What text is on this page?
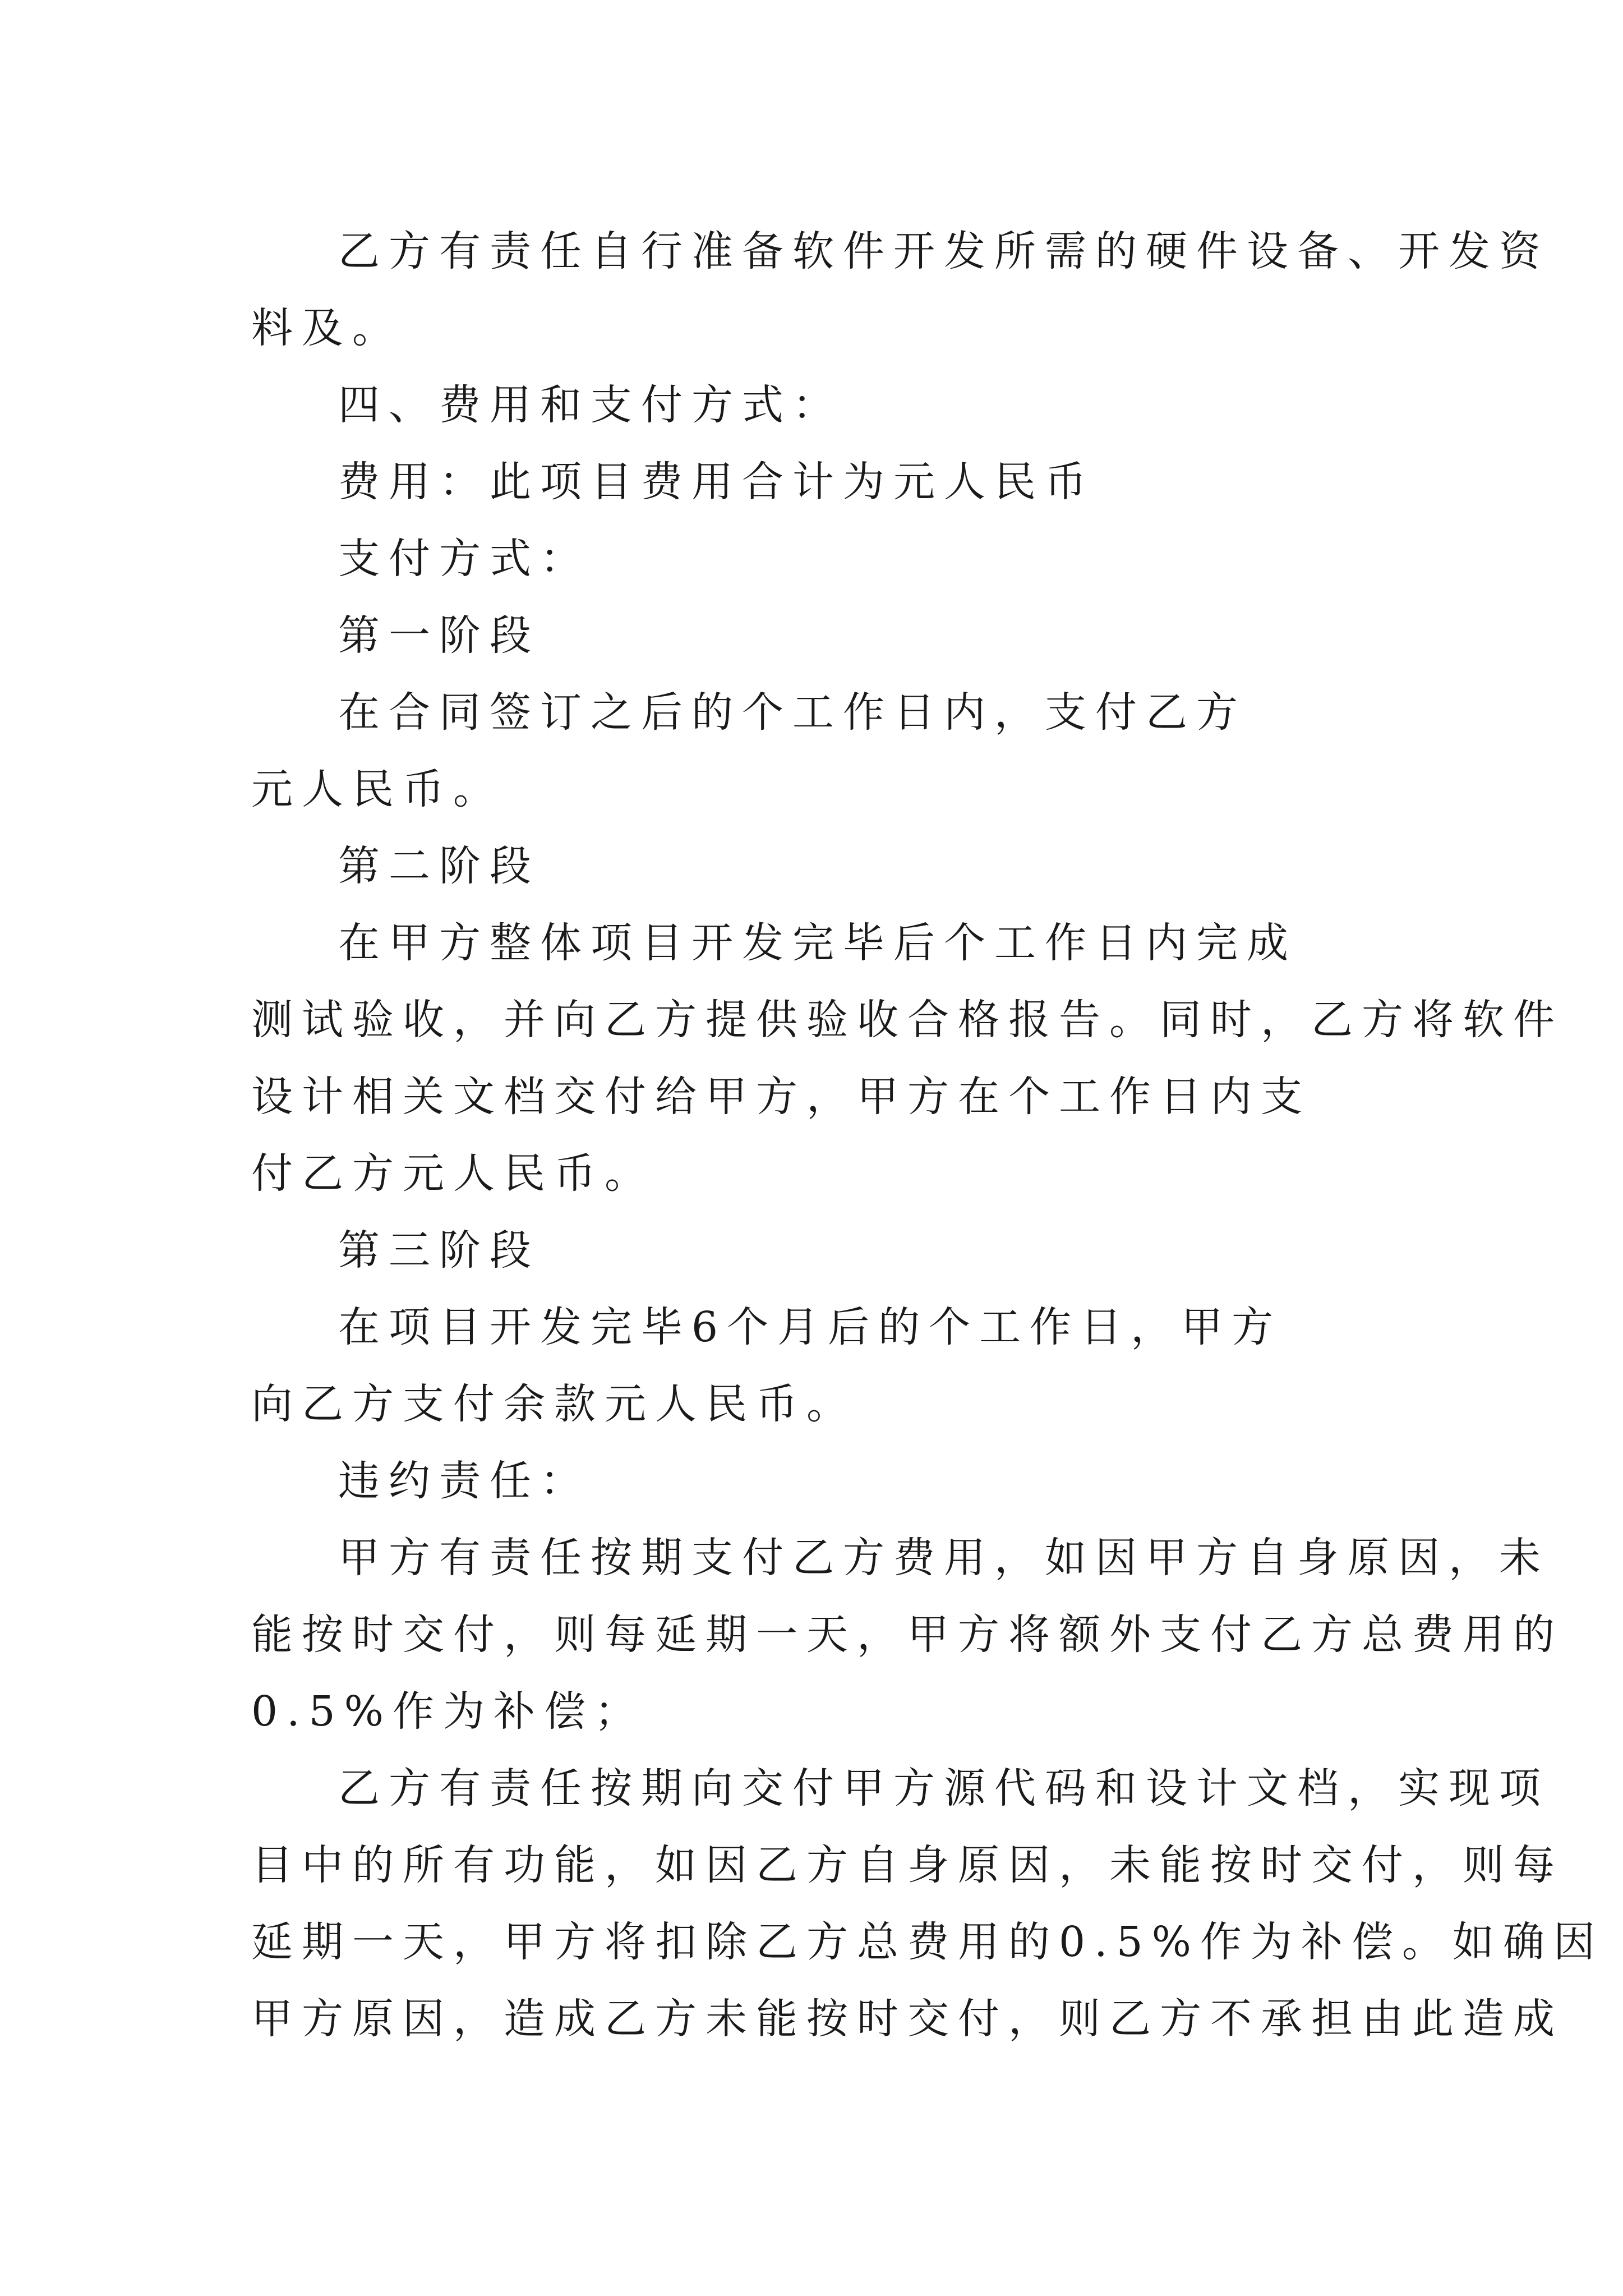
乙方有责任自行准备软件开发所需的硬件设备、开发资
料及。
四、费用和支付方式：
费用：此项目费用合计为元人民币
支付方式：
第一阶段
在合同签订之后的个工作日内，支付乙方
元人民币。
第二阶段
在甲方整体项目开发完毕后个工作日内完成
测试验收，并向乙方提供验收合格报告。同时，乙方将软件
设计相关文档交付给甲方，甲方在个工作日内支
付乙方元人民币。
第三阶段
在项目开发完毕6个月后的个工作日，甲方
向乙方支付余款元人民币。
违约责任：
甲方有责任按期支付乙方费用，如因甲方自身原因，未
能按时交付，则每延期一天，甲方将额外支付乙方总费用的
0.5%作为补偿；
乙方有责任按期向交付甲方源代码和设计文档，实现项
目中的所有功能，如因乙方自身原因，未能按时交付，则每
延期一天，甲方将扣除乙方总费用的0.5%作为补偿。如确因
甲方原因，造成乙方未能按时交付，则乙方不承担由此造成
